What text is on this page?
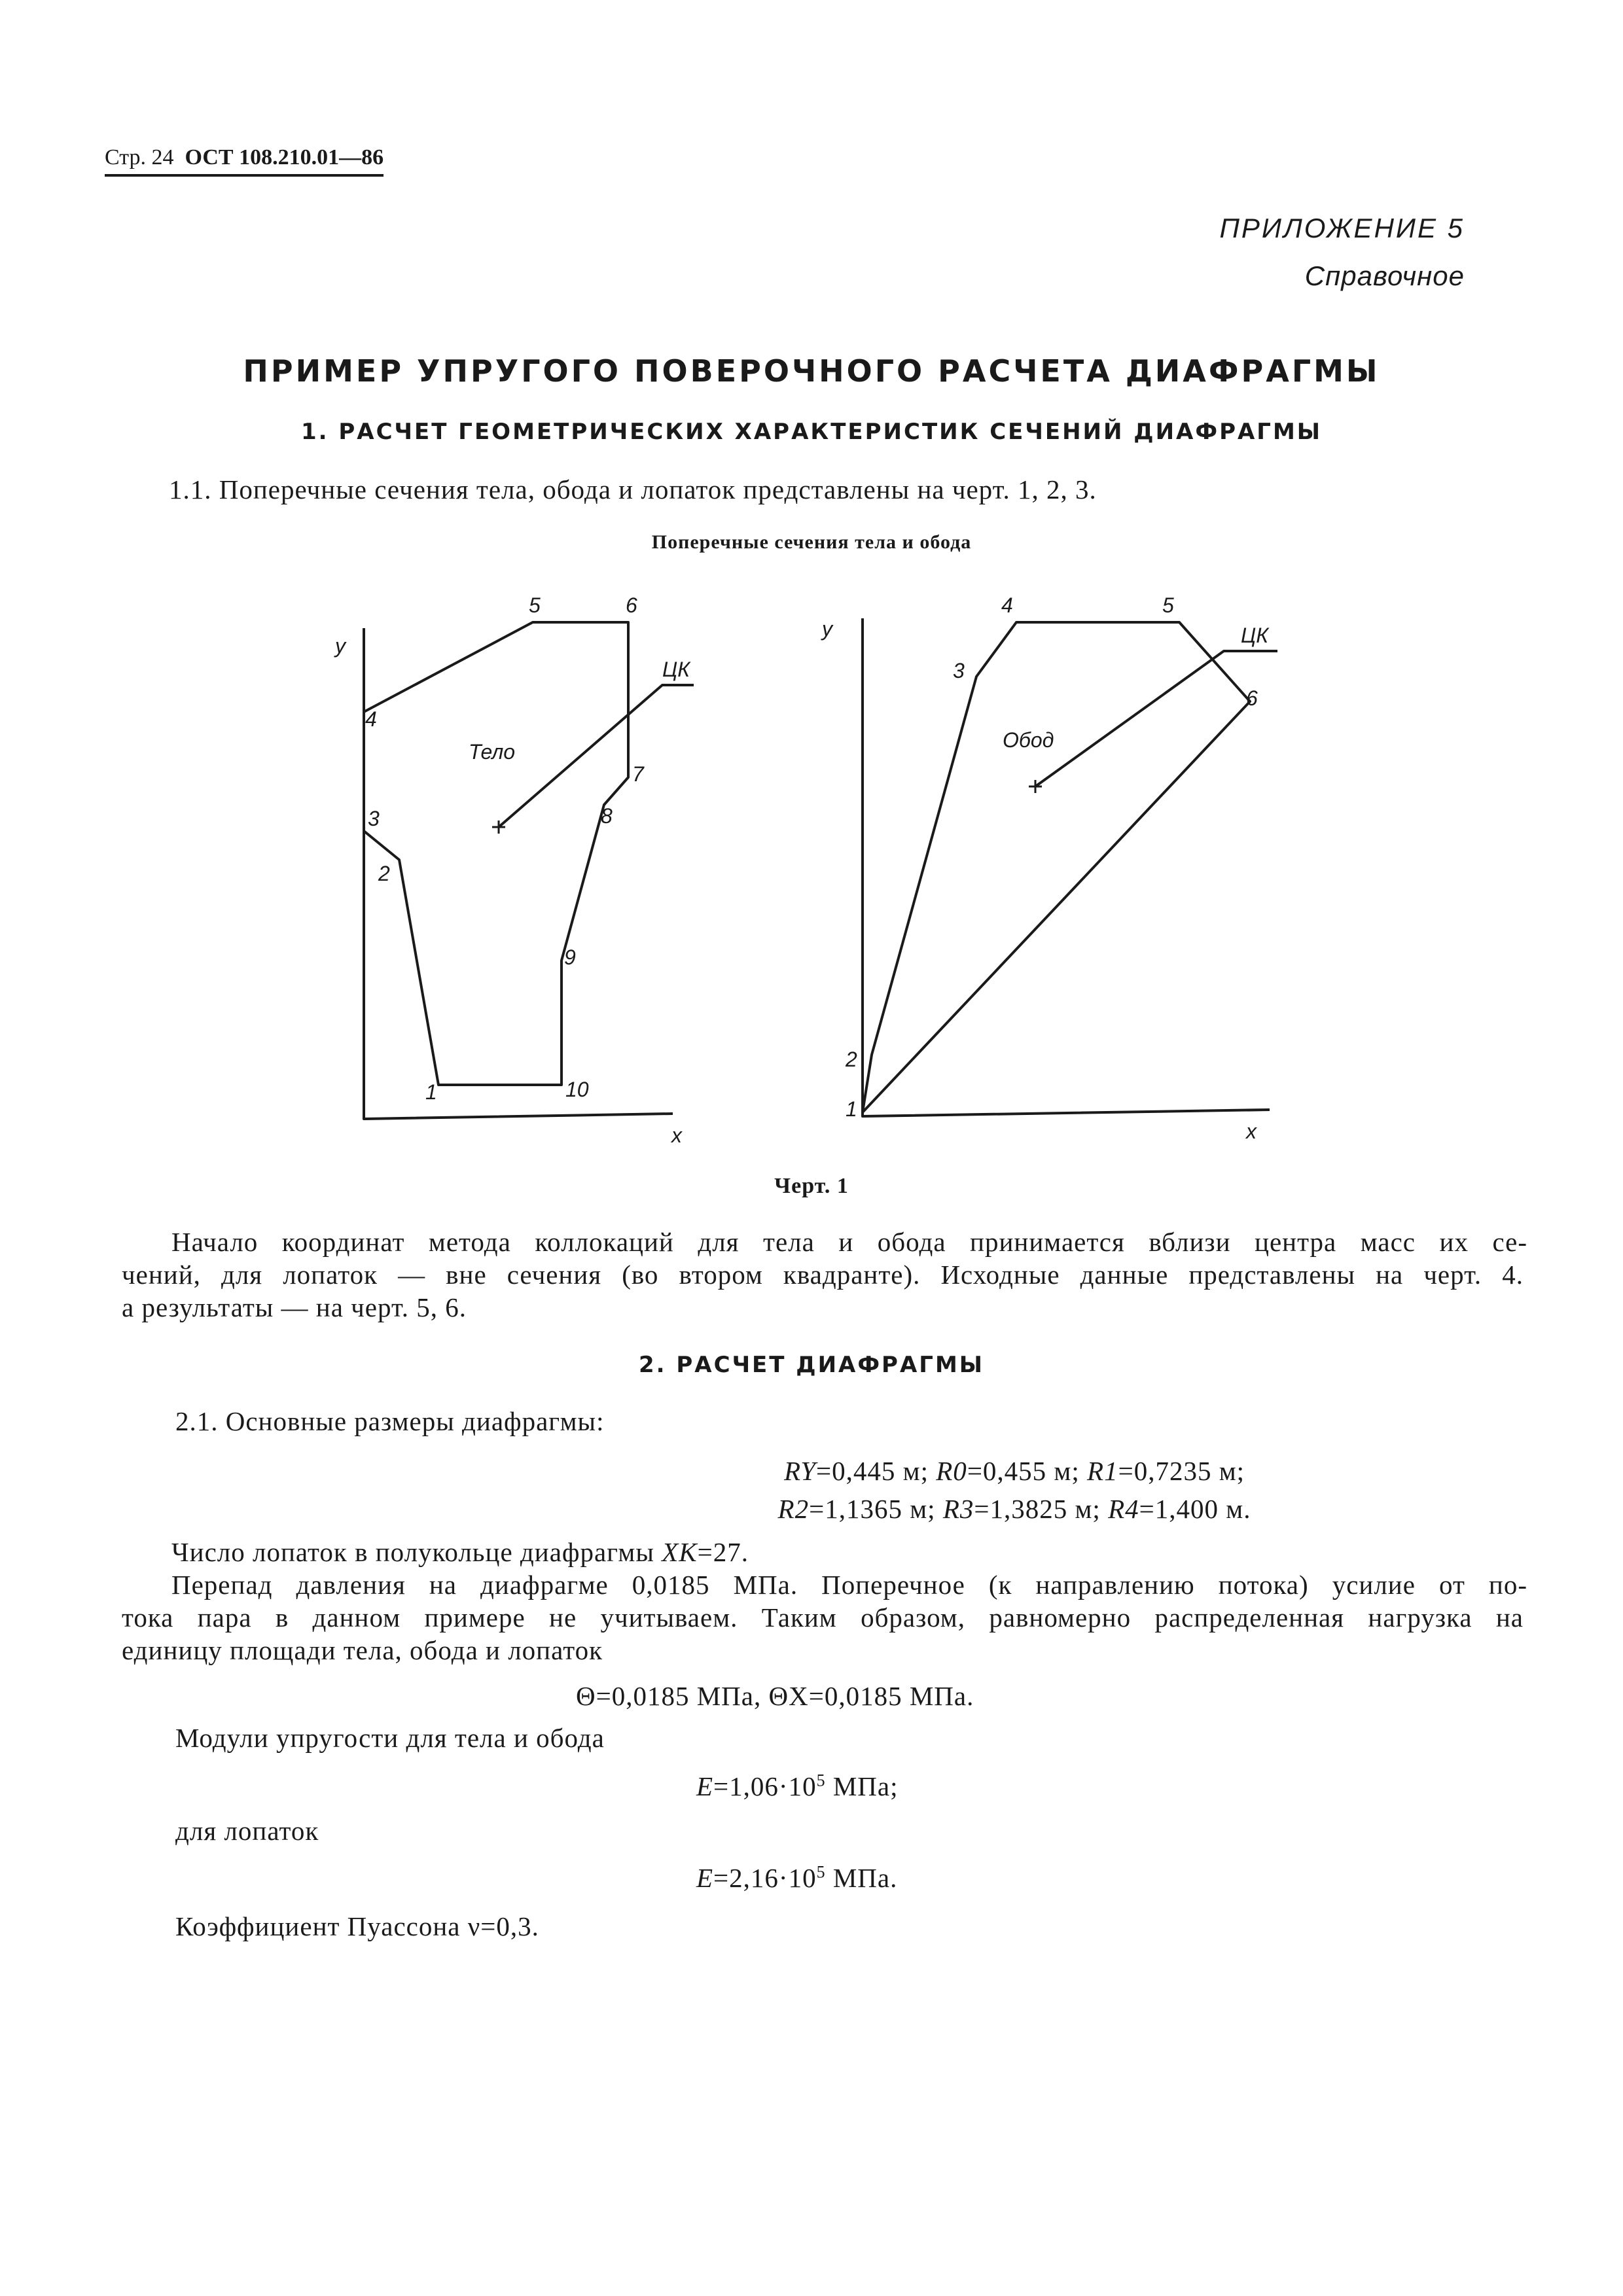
Стр. 24 ОСТ 108.210.01—86
ПРИЛОЖЕНИЕ 5
Справочное
ПРИМЕР УПРУГОГО ПОВЕРОЧНОГО РАСЧЕТА ДИАФРАГМЫ
1. РАСЧЕТ ГЕОМЕТРИЧЕСКИХ ХАРАКТЕРИСТИК СЕЧЕНИЙ ДИАФРАГМЫ
1.1. Поперечные сечения тела, обода и лопаток представлены на черт. 1, 2, 3.
Поперечные сечения тела и обода
y
x
Тело
ЦК
1
2
3
4
5	6
7
8
9
10
y
x
Обод
ЦК
1
2
3
4	5
6
Черт. 1
Начало координат метода коллокаций для тела и обода принимается вблизи центра масс их се-
чений, для лопаток — вне сечения (во втором квадранте). Исходные данные представлены на черт. 4.
а результаты — на черт. 5, 6.
2. РАСЧЕТ ДИАФРАГМЫ
2.1. Основные размеры диафрагмы:
RY=0,445 м; R0=0,455 м; R1=0,7235 м;
R2=1,1365 м; R3=1,3825 м; R4=1,400 м.
Число лопаток в полукольце диафрагмы XK=27.
Перепад давления на диафрагме 0,0185 МПа. Поперечное (к направлению потока) усилие от по-
тока пара в данном примере не учитываем. Таким образом, равномерно распределенная нагрузка на
единицу площади тела, обода и лопаток
Θ=0,0185 МПа, ΘX=0,0185 МПа.
Модули упругости для тела и обода
$E=1,06\cdot 10^5$ МПа;
для лопаток
$E=2,16\cdot 10^5$ МПа.
Коэффициент Пуассона ν=0,3.
